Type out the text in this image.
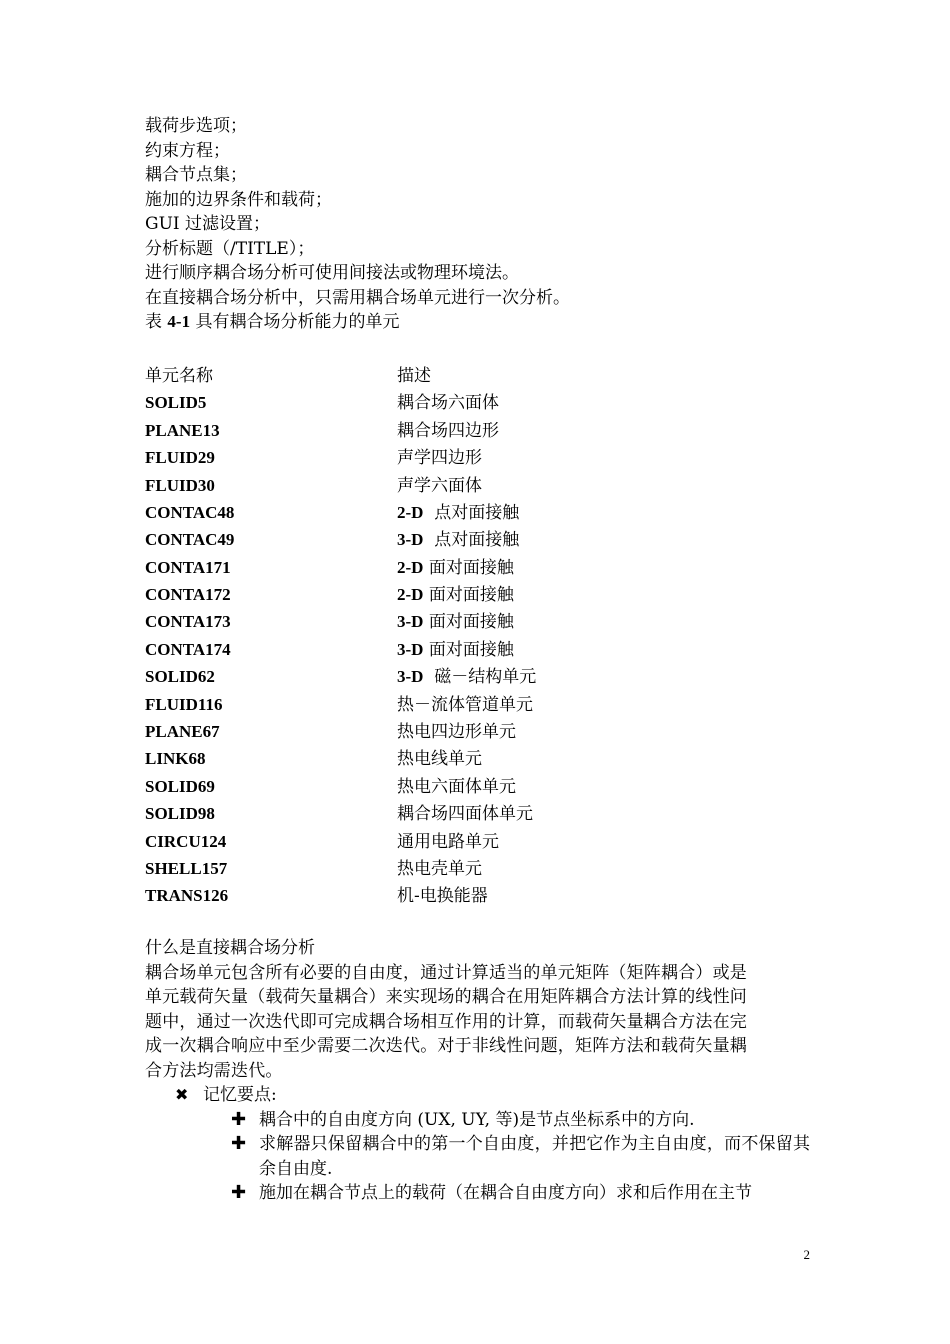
载荷步选项；
约束方程；
耦合节点集；
施加的边界条件和载荷；
GUI 过滤设置；
分析标题（/TITLE）；
进行顺序耦合场分析可使用间接法或物理环境法。
在直接耦合场分析中，只需用耦合场单元进行一次分析。
表 4-1 具有耦合场分析能力的单元
单元名称	描述
SOLID5	耦合场六面体
PLANE13	耦合场四边形
FLUID29	声学四边形
FLUID30	声学六面体
CONTAC48	2-D  点对面接触
CONTAC49	3-D  点对面接触
CONTA171	2-D 面对面接触
CONTA172	2-D 面对面接触
CONTA173	3-D 面对面接触
CONTA174	3-D 面对面接触
SOLID62	3-D  磁－结构单元
FLUID116	热－流体管道单元
PLANE67	热电四边形单元
LINK68	热电线单元
SOLID69	热电六面体单元
SOLID98	耦合场四面体单元
CIRCU124	通用电路单元
SHELL157	热电壳单元
TRANS126	机-电换能器
什么是直接耦合场分析
耦合场单元包含所有必要的自由度，通过计算适当的单元矩阵（矩阵耦合）或是
单元载荷矢量（载荷矢量耦合）来实现场的耦合在用矩阵耦合方法计算的线性问
题中，通过一次迭代即可完成耦合场相互作用的计算，而载荷矢量耦合方法在完
成一次耦合响应中至少需要二次迭代。对于非线性问题，矩阵方法和载荷矢量耦
合方法均需迭代。
✖ 记忆要点:
✚ 耦合中的自由度方向 (UX, UY, 等)是节点坐标系中的方向.
✚ 求解器只保留耦合中的第一个自由度，并把它作为主自由度，而不保留其余自由度.
✚ 施加在耦合节点上的载荷（在耦合自由度方向）求和后作用在主节
2
